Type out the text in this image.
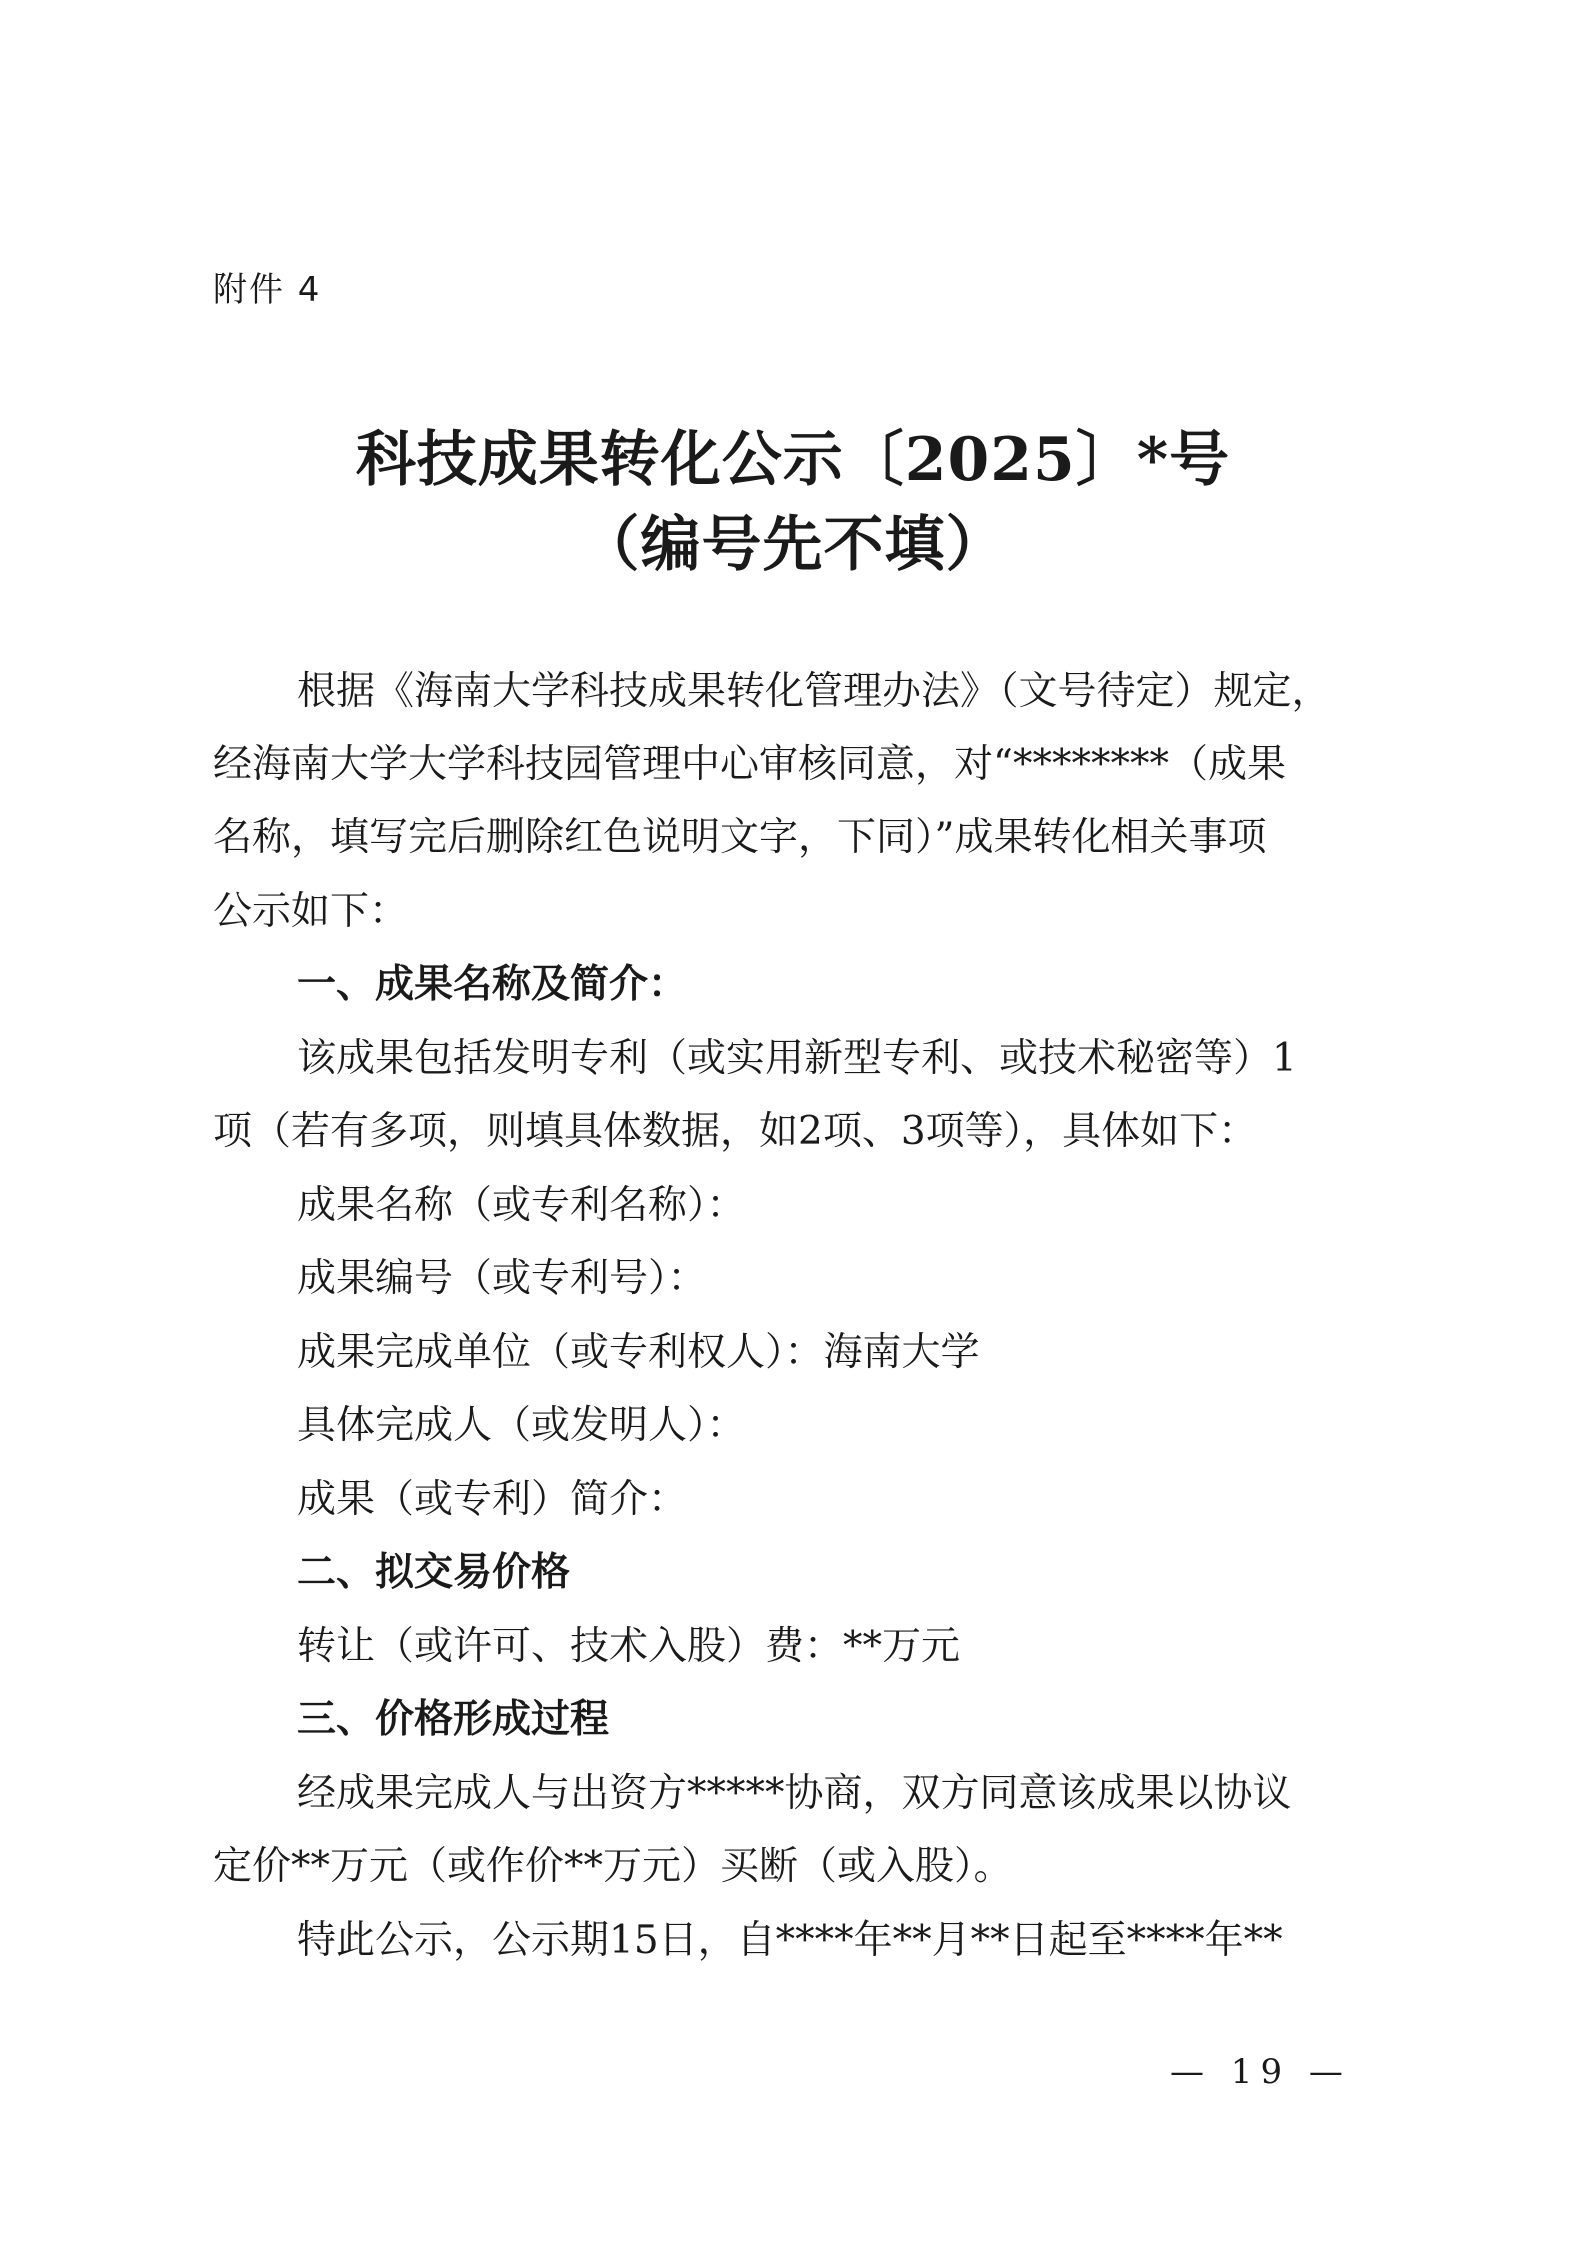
附件 4
科技成果转化公示〔2025〕*号
（编号先不填）
根据《海南大学科技成果转化管理办法》（文号待定）规定，
经海南大学大学科技园管理中心审核同意，对“********（成果
名称，填写完后删除红色说明文字，下同）”成果转化相关事项
公示如下：
一、成果名称及简介：
该成果包括发明专利（或实用新型专利、或技术秘密等）1
项（若有多项，则填具体数据，如2项、3项等），具体如下：
成果名称（或专利名称）：
成果编号（或专利号）：
成果完成单位（或专利权人）：海南大学
具体完成人（或发明人）：
成果（或专利）简介：
二、拟交易价格
转让（或许可、技术入股）费：**万元
三、价格形成过程
经成果完成人与出资方*****协商，双方同意该成果以协议
定价**万元（或作价**万元）买断（或入股）。
特此公示，公示期15日，自****年**月**日起至****年**
— 19 —
